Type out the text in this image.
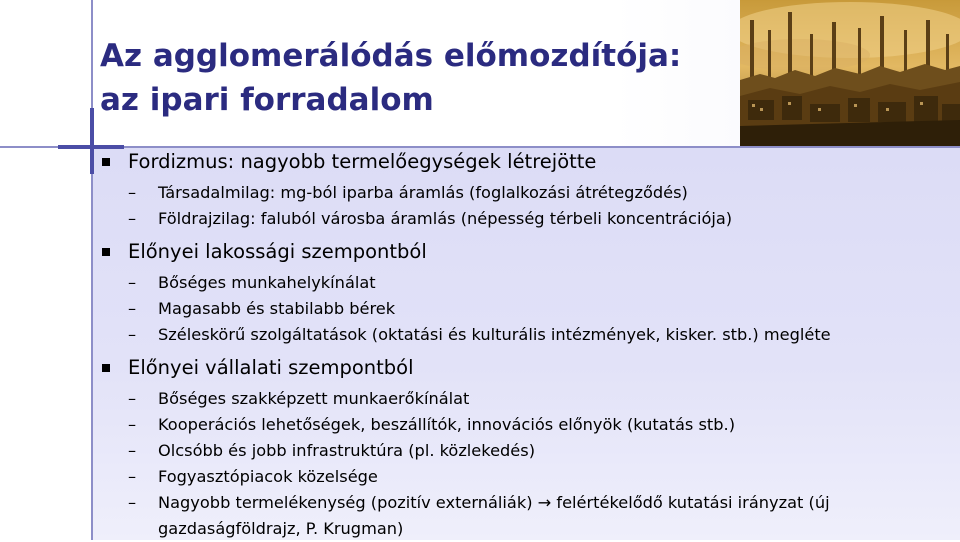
Az agglomerálódás előmozdítója:
az ipari forradalom
Fordizmus: nagyobb termelőegységek létrejötte
– Társadalmilag: mg-ból iparba áramlás (foglalkozási átrétegződés)
– Földrajzilag: faluból városba áramlás (népesség térbeli koncentrációja)
Előnyei lakossági szempontból
– Bőséges munkahelykínálat
– Magasabb és stabilabb bérek
– Széleskörű szolgáltatások (oktatási és kulturális intézmények, kisker. stb.) megléte
Előnyei vállalati szempontból
– Bőséges szakképzett munkaerőkínálat
– Kooperációs lehetőségek, beszállítók, innovációs előnyök (kutatás stb.)
– Olcsóbb és jobb infrastruktúra (pl. közlekedés)
– Fogyasztópiacok közelsége
– Nagyobb termelékenység (pozitív externáliák) → felértékelődő kutatási irányzat (új gazdaságföldrajz, P. Krugman)
